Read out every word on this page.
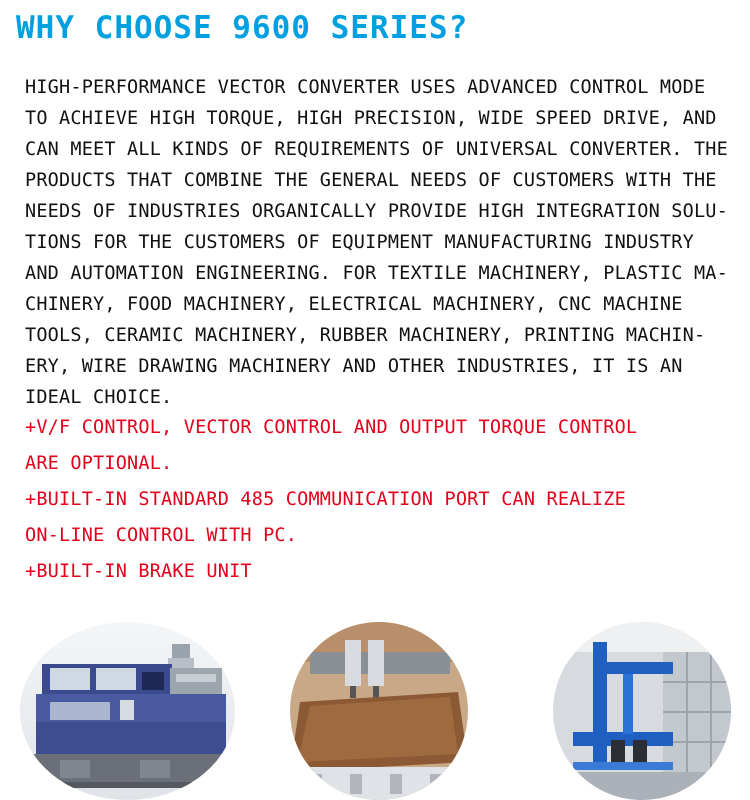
WHY CHOOSE 9600 SERIES?
HIGH-PERFORMANCE VECTOR CONVERTER USES ADVANCED CONTROL MODE
TO ACHIEVE HIGH TORQUE, HIGH PRECISION, WIDE SPEED DRIVE, AND
CAN MEET ALL KINDS OF REQUIREMENTS OF UNIVERSAL CONVERTER. THE
PRODUCTS THAT COMBINE THE GENERAL NEEDS OF CUSTOMERS WITH THE
NEEDS OF INDUSTRIES ORGANICALLY PROVIDE HIGH INTEGRATION SOLU-
TIONS FOR THE CUSTOMERS OF EQUIPMENT MANUFACTURING INDUSTRY
AND AUTOMATION ENGINEERING. FOR TEXTILE MACHINERY, PLASTIC MA-
CHINERY, FOOD MACHINERY, ELECTRICAL MACHINERY, CNC MACHINE
TOOLS, CERAMIC MACHINERY, RUBBER MACHINERY, PRINTING MACHIN-
ERY, WIRE DRAWING MACHINERY AND OTHER INDUSTRIES, IT IS AN
IDEAL CHOICE.
+V/F CONTROL, VECTOR CONTROL AND OUTPUT TORQUE CONTROL
ARE OPTIONAL.
+BUILT-IN STANDARD 485 COMMUNICATION PORT CAN REALIZE
ON-LINE CONTROL WITH PC.
+BUILT-IN BRAKE UNIT
